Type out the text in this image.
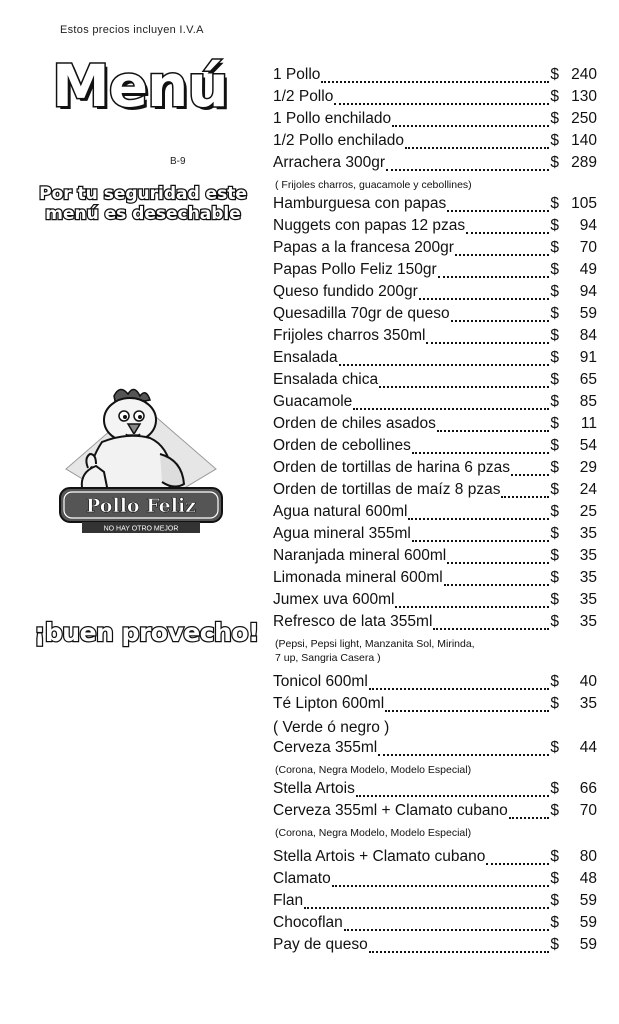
Estos precios incluyen I.V.A
Menú
B-9
Por tu seguridad este
menú es desechable
Pollo Feliz
NO HAY OTRO MEJOR
¡buen provecho!
1 Pollo	$ 240
1/2 Pollo	$ 130
1 Pollo enchilado	$ 250
1/2 Pollo enchilado	$ 140
Arrachera 300gr	$ 289
( Frijoles charros, guacamole y cebollines)
Hamburguesa con papas	$ 105
Nuggets con papas 12 pzas	$	94
Papas a la francesa 200gr	$	70
Papas Pollo Feliz 150gr	$	49
Queso fundido 200gr	$	94
Quesadilla 70gr de queso	$	59
Frijoles charros 350ml	$	84
Ensalada	$	91
Ensalada chica	$	65
Guacamole	$	85
Orden de chiles asados	$	11
Orden de cebollines	$	54
Orden de tortillas de harina 6 pzas	$	29
Orden de tortillas de maíz 8 pzas	$	24
Agua natural 600ml	$	25
Agua mineral 355ml	$	35
Naranjada mineral 600ml	$	35
Limonada mineral 600ml	$	35
Jumex uva 600ml	$	35
Refresco de lata 355ml	$	35
(Pepsi, Pepsi light, Manzanita Sol, Mirinda,
7 up, Sangria Casera )
Tonicol 600ml	$	40
Té Lipton 600ml	$	35
( Verde ó negro )
Cerveza 355ml	$	44
(Corona, Negra Modelo, Modelo Especial)
Stella Artois	$	66
Cerveza 355ml + Clamato cubano	$	70
(Corona, Negra Modelo, Modelo Especial)
Stella Artois + Clamato cubano	$	80
Clamato	$	48
Flan	$	59
Chocoflan	$	59
Pay de queso	$	59
